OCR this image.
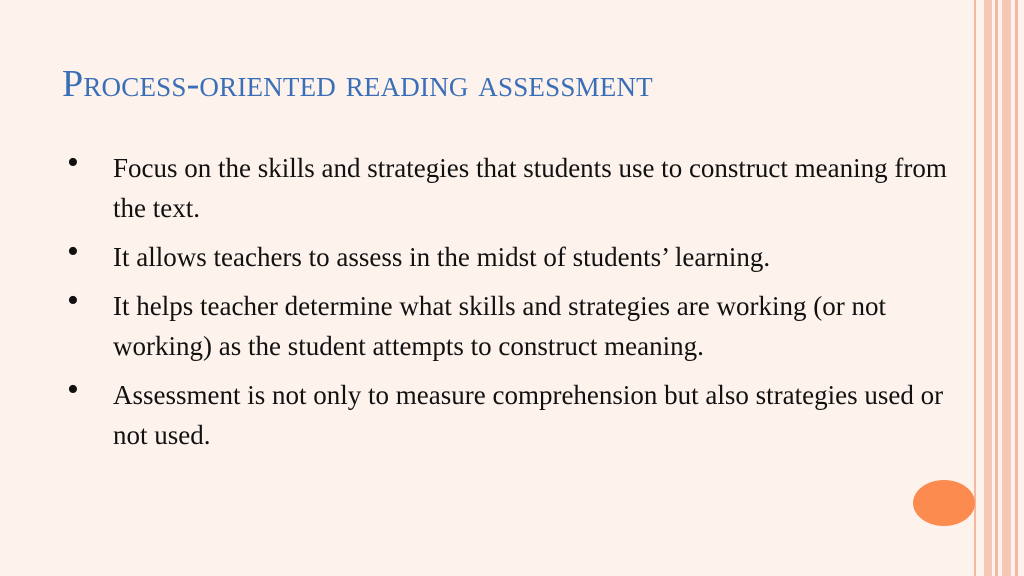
Process-oriented reading assessment
• Focus on the skills and strategies that students use to construct meaning from the text.
• It allows teachers to assess in the midst of students’ learning.
• It helps teacher determine what skills and strategies are working (or not working) as the student attempts to construct meaning.
• Assessment is not only to measure comprehension but also strategies used or not used.
